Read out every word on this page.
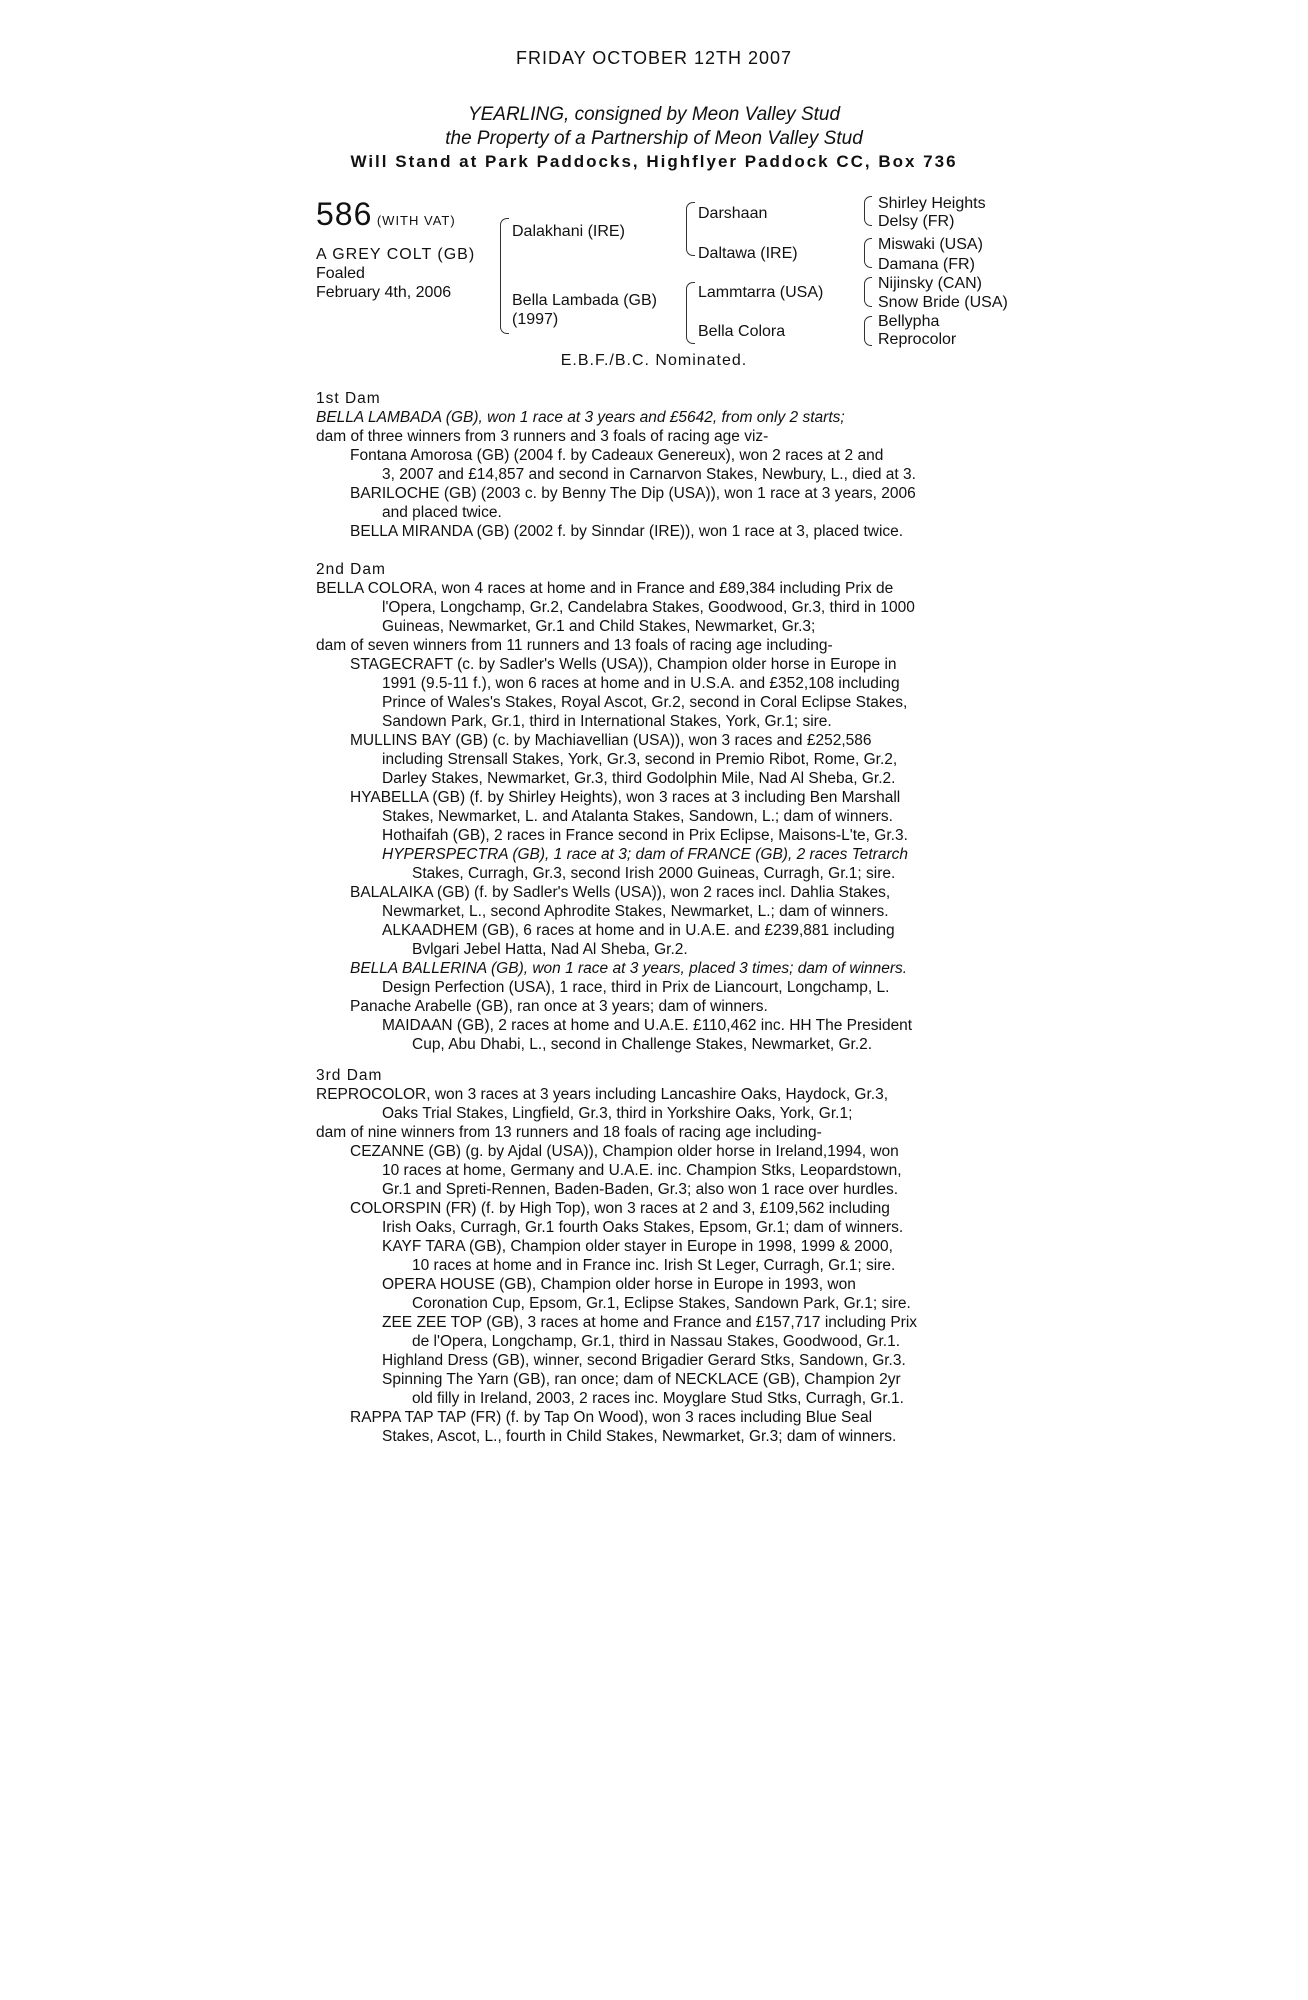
FRIDAY OCTOBER 12TH 2007
YEARLING, consigned by Meon Valley Stud
the Property of a Partnership of Meon Valley Stud
Will Stand at Park Paddocks, Highflyer Paddock CC, Box 736
586 (WITH VAT)
A GREY COLT (GB)
Foaled
February 4th, 2006
Dalakhani (IRE)
Bella Lambada (GB)
(1997)
Darshaan
Daltawa (IRE)
Lammtarra (USA)
Bella Colora
Shirley Heights
Delsy (FR)
Miswaki (USA)
Damana (FR)
Nijinsky (CAN)
Snow Bride (USA)
Bellypha
Reprocolor
E.B.F./B.C. Nominated.
1st Dam
BELLA LAMBADA (GB), won 1 race at 3 years and £5642, from only 2 starts;
dam of three winners from 3 runners and 3 foals of racing age viz-
Fontana Amorosa (GB) (2004 f. by Cadeaux Genereux), won 2 races at 2 and
3, 2007 and £14,857 and second in Carnarvon Stakes, Newbury, L., died at 3.
BARILOCHE (GB) (2003 c. by Benny The Dip (USA)), won 1 race at 3 years, 2006
and placed twice.
BELLA MIRANDA (GB) (2002 f. by Sinndar (IRE)), won 1 race at 3, placed twice.
2nd Dam
BELLA COLORA, won 4 races at home and in France and £89,384 including Prix de
l'Opera, Longchamp, Gr.2, Candelabra Stakes, Goodwood, Gr.3, third in 1000
Guineas, Newmarket, Gr.1 and Child Stakes, Newmarket, Gr.3;
dam of seven winners from 11 runners and 13 foals of racing age including-
STAGECRAFT (c. by Sadler's Wells (USA)), Champion older horse in Europe in
1991 (9.5-11 f.), won 6 races at home and in U.S.A. and £352,108 including
Prince of Wales's Stakes, Royal Ascot, Gr.2, second in Coral Eclipse Stakes,
Sandown Park, Gr.1, third in International Stakes, York, Gr.1; sire.
MULLINS BAY (GB) (c. by Machiavellian (USA)), won 3 races and £252,586
including Strensall Stakes, York, Gr.3, second in Premio Ribot, Rome, Gr.2,
Darley Stakes, Newmarket, Gr.3, third Godolphin Mile, Nad Al Sheba, Gr.2.
HYABELLA (GB) (f. by Shirley Heights), won 3 races at 3 including Ben Marshall
Stakes, Newmarket, L. and Atalanta Stakes, Sandown, L.; dam of winners.
Hothaifah (GB), 2 races in France second in Prix Eclipse, Maisons-L'te, Gr.3.
HYPERSPECTRA (GB), 1 race at 3; dam of FRANCE (GB), 2 races Tetrarch
Stakes, Curragh, Gr.3, second Irish 2000 Guineas, Curragh, Gr.1; sire.
BALALAIKA (GB) (f. by Sadler's Wells (USA)), won 2 races incl. Dahlia Stakes,
Newmarket, L., second Aphrodite Stakes, Newmarket, L.; dam of winners.
ALKAADHEM (GB), 6 races at home and in U.A.E. and £239,881 including
Bvlgari Jebel Hatta, Nad Al Sheba, Gr.2.
BELLA BALLERINA (GB), won 1 race at 3 years, placed 3 times; dam of winners.
Design Perfection (USA), 1 race, third in Prix de Liancourt, Longchamp, L.
Panache Arabelle (GB), ran once at 3 years; dam of winners.
MAIDAAN (GB), 2 races at home and U.A.E. £110,462 inc. HH The President
Cup, Abu Dhabi, L., second in Challenge Stakes, Newmarket, Gr.2.
3rd Dam
REPROCOLOR, won 3 races at 3 years including Lancashire Oaks, Haydock, Gr.3,
Oaks Trial Stakes, Lingfield, Gr.3, third in Yorkshire Oaks, York, Gr.1;
dam of nine winners from 13 runners and 18 foals of racing age including-
CEZANNE (GB) (g. by Ajdal (USA)), Champion older horse in Ireland,1994, won
10 races at home, Germany and U.A.E. inc. Champion Stks, Leopardstown,
Gr.1 and Spreti-Rennen, Baden-Baden, Gr.3; also won 1 race over hurdles.
COLORSPIN (FR) (f. by High Top), won 3 races at 2 and 3, £109,562 including
Irish Oaks, Curragh, Gr.1 fourth Oaks Stakes, Epsom, Gr.1; dam of winners.
KAYF TARA (GB), Champion older stayer in Europe in 1998, 1999 & 2000,
10 races at home and in France inc. Irish St Leger, Curragh, Gr.1; sire.
OPERA HOUSE (GB), Champion older horse in Europe in 1993, won
Coronation Cup, Epsom, Gr.1, Eclipse Stakes, Sandown Park, Gr.1; sire.
ZEE ZEE TOP (GB), 3 races at home and France and £157,717 including Prix
de l'Opera, Longchamp, Gr.1, third in Nassau Stakes, Goodwood, Gr.1.
Highland Dress (GB), winner, second Brigadier Gerard Stks, Sandown, Gr.3.
Spinning The Yarn (GB), ran once; dam of NECKLACE (GB), Champion 2yr
old filly in Ireland, 2003, 2 races inc. Moyglare Stud Stks, Curragh, Gr.1.
RAPPA TAP TAP (FR) (f. by Tap On Wood), won 3 races including Blue Seal
Stakes, Ascot, L., fourth in Child Stakes, Newmarket, Gr.3; dam of winners.
